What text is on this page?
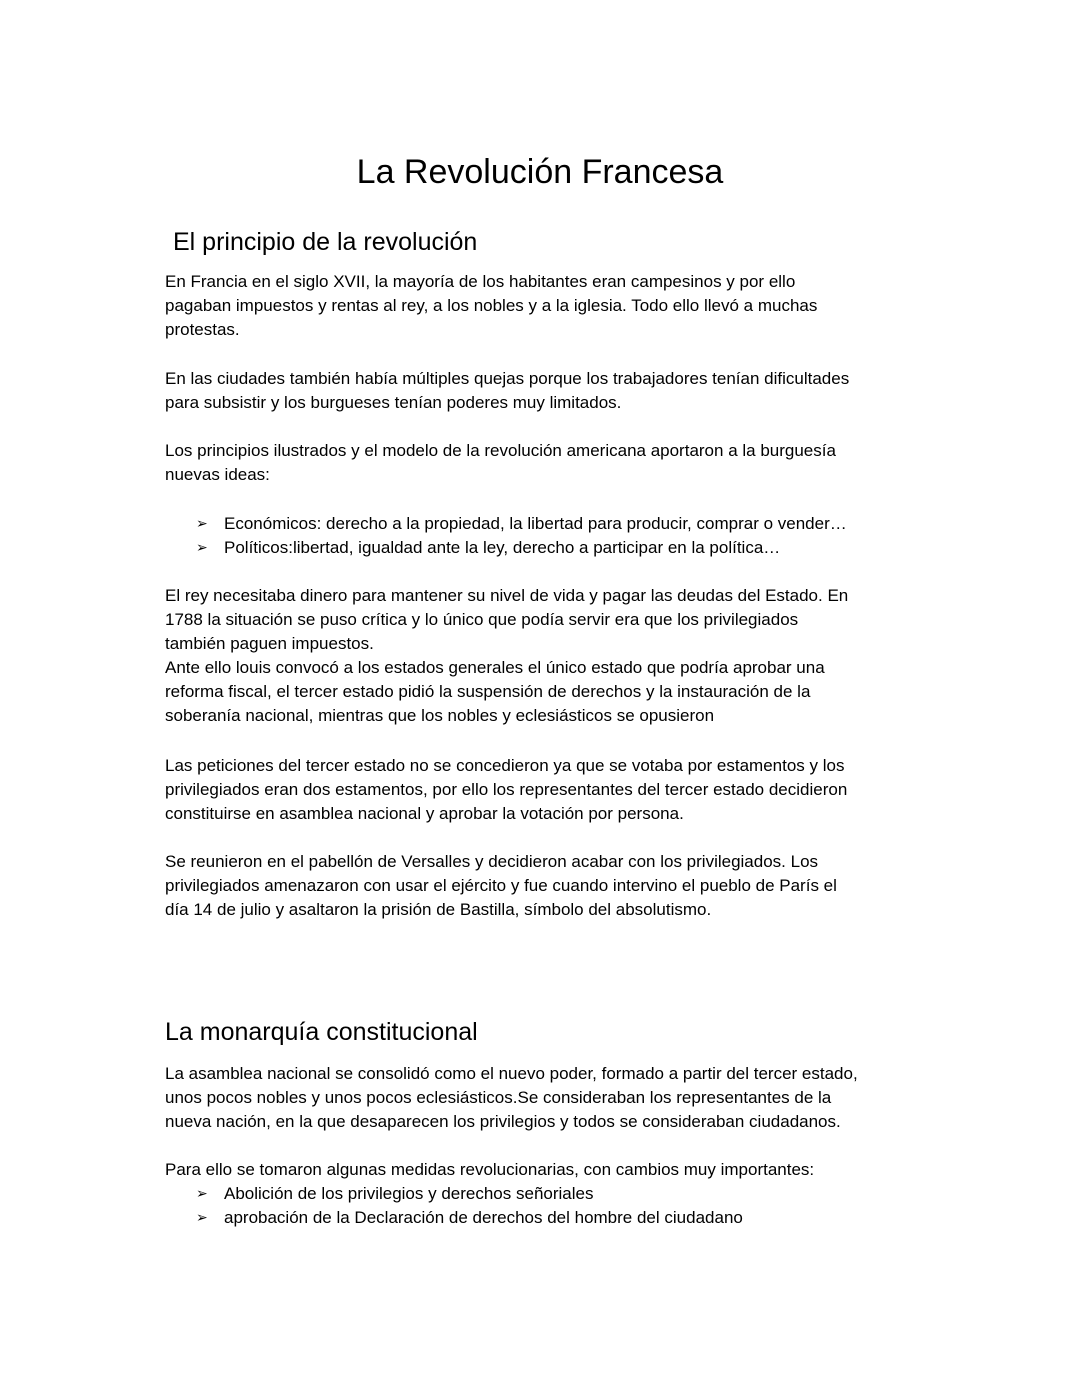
La Revolución Francesa
El principio de la revolución

En Francia en el siglo XVII, la mayoría de los habitantes eran campesinos y por ello
pagaban impuestos y rentas al rey, a los nobles y a la iglesia. Todo ello llevó a muchas
protestas.

En las ciudades también había múltiples quejas porque los trabajadores tenían dificultades
para subsistir y los burgueses tenían poderes muy limitados.

Los principios ilustrados y el modelo de la revolución americana aportaron a la burguesía
nuevas ideas:

➢ Económicos: derecho a la propiedad, la libertad para producir, comprar o vender…
➢ Políticos:libertad, igualdad ante la ley, derecho a participar en la política…

El rey necesitaba dinero para mantener su nivel de vida y pagar las deudas del Estado. En
1788 la situación se puso crítica y lo único que podía servir era que los privilegiados
también paguen impuestos.
Ante ello louis convocó a los estados generales el único estado que podría aprobar una
reforma fiscal, el tercer estado pidió la suspensión de derechos y la instauración de la
soberanía nacional, mientras que los nobles y eclesiásticos se opusieron

Las peticiones del tercer estado no se concedieron ya que se votaba por estamentos y los
privilegiados eran dos estamentos, por ello los representantes del tercer estado decidieron
constituirse en asamblea nacional y aprobar la votación por persona.

Se reunieron en el pabellón de Versalles y decidieron acabar con los privilegiados. Los
privilegiados amenazaron con usar el ejército y fue cuando intervino el pueblo de París el
día 14 de julio y asaltaron la prisión de Bastilla, símbolo del absolutismo.

La monarquía constitucional

La asamblea nacional se consolidó como el nuevo poder, formado a partir del tercer estado,
unos pocos nobles y unos pocos eclesiásticos.Se consideraban los representantes de la
nueva nación, en la que desaparecen los privilegios y todos se consideraban ciudadanos.

Para ello se tomaron algunas medidas revolucionarias, con cambios muy importantes:

➢ Abolición de los privilegios y derechos señoriales
➢ aprobación de la Declaración de derechos del hombre del ciudadano
